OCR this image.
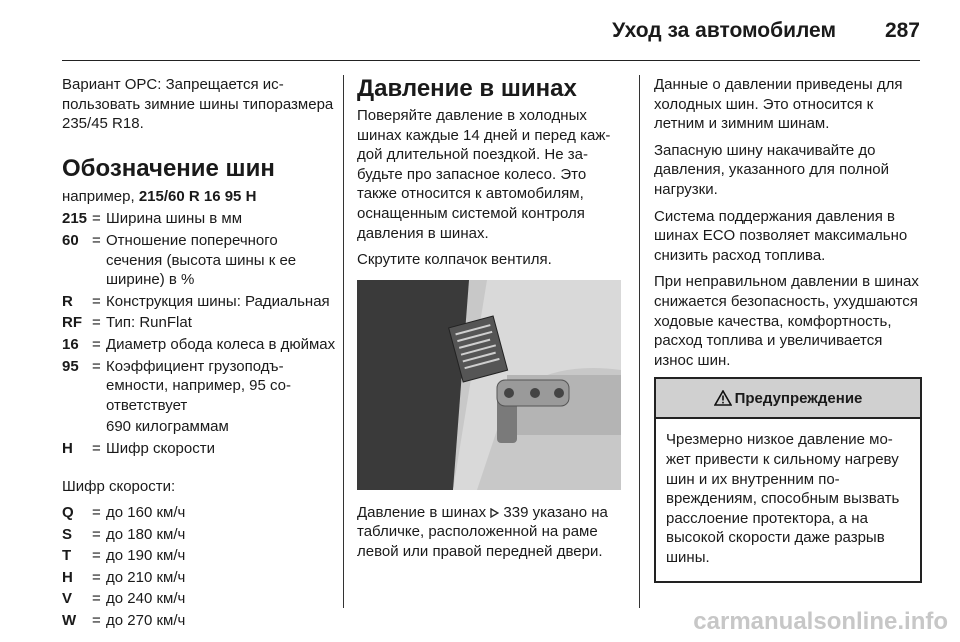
Уход за автомобилем 287

Вариант OPC: Запрещается использовать зимние шины типоразмера 235/45 R18.

Обозначение шин

например, 215/60 R 16 95 H

215 = Ширина шины в мм
60 = Отношение поперечного сечения (высота шины к ее ширине) в %
R	= Конструкция шины: Радиальная
RF = Тип: RunFlat
16 = Диаметр обода колеса в дюймах
95 = Коэффициент грузоподъемности, например, 95 соответствует
690 килограммам
H	= Шифр скорости

Шифр скорости:

Q	= до 160 км/ч
S	= до 180 км/ч
T	= до 190 км/ч
H	= до 210 км/ч
V	= до 240 км/ч
W	= до 270 км/ч
Давление в шинах

Поверяйте давление в холодных шинах каждые 14 дней и перед каждой длительной поездкой. Не забудьте про запасное колесо. Это также относится к автомобилям, оснащенным системой контроля давления в шинах.

Скрутите колпачок вентиля.

Давление в шинах  339 указано на табличке, расположенной на раме левой или правой передней двери.

Данные о давлении приведены для холодных шин. Это относится к летним и зимним шинам.

Запасную шину накачивайте до давления, указанного для полной нагрузки.

Система поддержания давления в шинах ECO позволяет максимально снизить расход топлива.

При неправильном давлении в шинах снижается безопасность, ухудшаются ходовые качества, комфортность, расход топлива и увеличивается износ шин.

Предупреждение
Чрезмерно низкое давление может привести к сильному нагреву шин и их внутренним повреждениям, способным вызвать расслоение протектора, а на высокой скорости даже разрыв шины.
carmanualsonline.info
